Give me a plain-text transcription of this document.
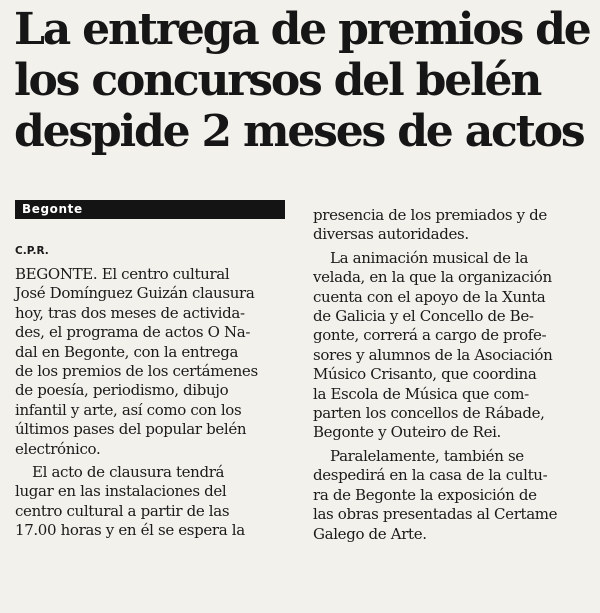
La entrega de premios de
los concursos del belén
despide 2 meses de actos
Begonte
C.P.R.

BEGONTE. El centro cultural
José Domínguez Guizán clausura
hoy, tras dos meses de activida-
des, el programa de actos O Na-
dal en Begonte, con la entrega
de los premios de los certámenes
de poesía, periodismo, dibujo
infantil y arte, así como con los
últimos pases del popular belén
electrónico.

El acto de clausura tendrá
lugar en las instalaciones del
centro cultural a partir de las
17.00 horas y en él se espera la

presencia de los premiados y de
diversas autoridades.

La animación musical de la
velada, en la que la organización
cuenta con el apoyo de la Xunta
de Galicia y el Concello de Be-
gonte, correrá a cargo de profe-
sores y alumnos de la Asociación
Músico Crisanto, que coordina
la Escola de Música que com-
parten los concellos de Rábade,
Begonte y Outeiro de Rei.

Paralelamente, también se
despedirá en la casa de la cultu-
ra de Begonte la exposición de
las obras presentadas al Certame
Galego de Arte.
